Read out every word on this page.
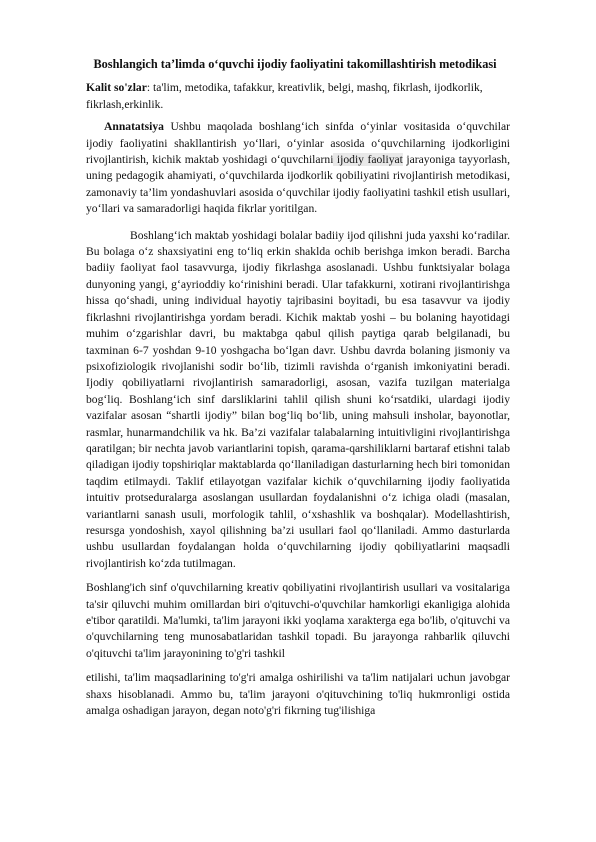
Boshlangich ta’limda o‘quvchi ijodiy faoliyatini takomillashtirish metodikasi
Kalit so'zlar: ta'lim, metodika, tafakkur, kreativlik, belgi, mashq, fikrlash, ijodkorlik, fikrlash,erkinlik.
Annatatsiya Ushbu maqolada boshlang‘ich sinfda o‘yinlar vositasida o‘quvchilar ijodiy faoliyatini shakllantirish yo‘llari, o‘yinlar asosida o‘quvchilarning ijodkorligini rivojlantirish, kichik maktab yoshidagi o‘quvchilarni ijodiy faoliyat jarayoniga tayyorlash, uning pedagogik ahamiyati, o‘quvchilarda ijodkorlik qobiliyatini rivojlantirish metodikasi, zamonaviy ta’lim yondashuvlari asosida o‘quvchilar ijodiy faoliyatini tashkil etish usullari, yo‘llari va samaradorligi haqida fikrlar yoritilgan.

Boshlang‘ich maktab yoshidagi bolalar badiiy ijod qilishni juda yaxshi ko‘radilar. Bu bolaga o‘z shaxsiyatini eng to‘liq erkin shaklda ochib berishga imkon beradi. Barcha badiiy faoliyat faol tasavvurga, ijodiy fikrlashga asoslanadi. Ushbu funktsiyalar bolaga dunyoning yangi, g‘ayrioddiy ko‘rinishini beradi. Ular tafakkurni, xotirani rivojlantirishga hissa qo‘shadi, uning individual hayotiy tajribasini boyitadi, bu esa tasavvur va ijodiy fikrlashni rivojlantirishga yordam beradi. Kichik maktab yoshi – bu bolaning hayotidagi muhim o‘zgarishlar davri, bu maktabga qabul qilish paytiga qarab belgilanadi, bu taxminan 6-7 yoshdan 9-10 yoshgacha bo‘lgan davr. Ushbu davrda bolaning jismoniy va psixofiziologik rivojlanishi sodir bo‘lib, tizimli ravishda o‘rganish imkoniyatini beradi. Ijodiy qobiliyatlarni rivojlantirish samaradorligi, asosan, vazifa tuzilgan materialga bog‘liq. Boshlang‘ich sinf darsliklarini tahlil qilish shuni ko‘rsatdiki, ulardagi ijodiy vazifalar asosan “shartli ijodiy” bilan bog‘liq bo‘lib, uning mahsuli insholar, bayonotlar, rasmlar, hunarmandchilik va hk. Ba’zi vazifalar talabalarning intuitivligini rivojlantirishga qaratilgan; bir nechta javob variantlarini topish, qarama-qarshiliklarni bartaraf etishni talab qiladigan ijodiy topshiriqlar maktablarda qo‘llaniladigan dasturlarning hech biri tomonidan taqdim etilmaydi. Taklif etilayotgan vazifalar kichik o‘quvchilarning ijodiy faoliyatida intuitiv protseduralarga asoslangan usullardan foydalanishni o‘z ichiga oladi (masalan, variantlarni sanash usuli, morfologik tahlil, o‘xshashlik va boshqalar). Modellashtirish, resursga yondoshish, xayol qilishning ba’zi usullari faol qo‘llaniladi. Ammo dasturlarda ushbu usullardan foydalangan holda o‘quvchilarning ijodiy qobiliyatlarini maqsadli rivojlantirish ko‘zda tutilmagan.

Boshlang'ich sinf o'quvchilarning kreativ qobiliyatini rivojlantirish usullari va vositalariga ta'sir qiluvchi muhim omillardan biri o'qituvchi-o'quvchilar hamkorligi ekanligiga alohida e'tibor qaratildi. Ma'lumki, ta'lim jarayoni ikki yoqlama xarakterga ega bo'lib, o'qituvchi va o'quvchilarning teng munosabatlaridan tashkil topadi. Bu jarayonga rahbarlik qiluvchi o'qituvchi ta'lim jarayonining to'g'ri tashkil

etilishi, ta'lim maqsadlarining to'g'ri amalga oshirilishi va ta'lim natijalari uchun javobgar shaxs hisoblanadi. Ammo bu, ta'lim jarayoni o'qituvchining to'liq hukmronligi ostida amalga oshadigan jarayon, degan noto'g'ri fikrning tug'ilishiga
